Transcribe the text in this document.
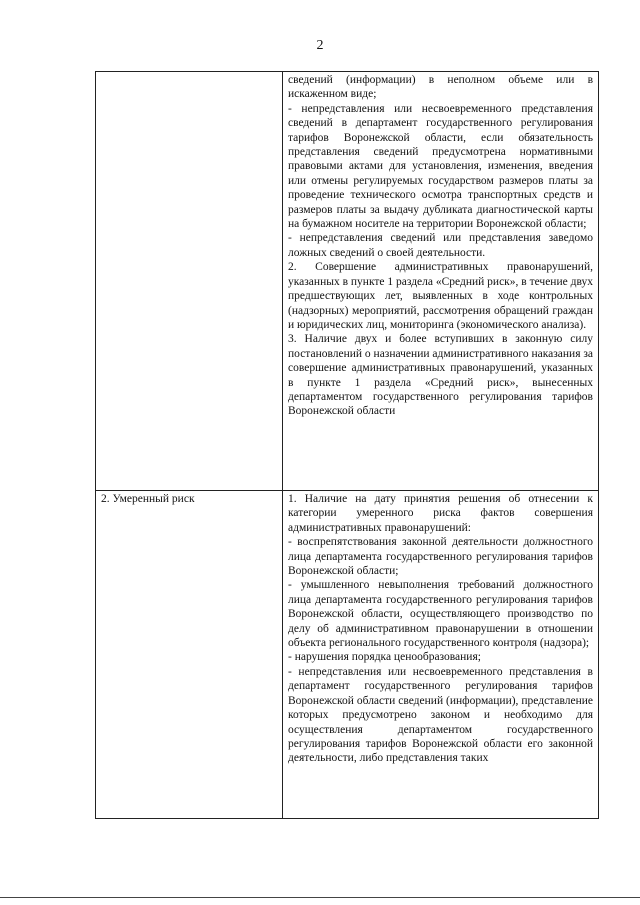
2

	сведений (информации) в неполном объеме или в искаженном виде;

- непредставления или несвоевременного представления сведений в департамент государственного регулирования тарифов Воронежской области, если обязательность представления сведений предусмотрена нормативными правовыми актами для установления, изменения, введения или отмены регулируемых государством размеров платы за проведение технического осмотра транспортных средств и размеров платы за выдачу дубликата диагностической карты на бумажном носителе на территории Воронежской области;

- непредставления сведений или представления заведомо ложных сведений о своей деятельности.

2. Совершение административных правонарушений, указанных в пункте 1 раздела «Средний риск», в течение двух предшествующих лет, выявленных в ходе контрольных (надзорных) мероприятий, рассмотрения обращений граждан и юридических лиц, мониторинга (экономического анализа).

3. Наличие двух и более вступивших в законную силу постановлений о назначении административного наказания за совершение административных правонарушений, указанных в пункте 1 раздела «Средний риск», вынесенных департаментом государственного регулирования тарифов Воронежской области

2. Умеренный риск	1. Наличие на дату принятия решения об отнесении к категории умеренного риска фактов совершения административных правонарушений:

- воспрепятствования законной деятельности должностного лица департамента государственного регулирования тарифов Воронежской области;

- умышленного невыполнения требований должностного лица департамента государственного регулирования тарифов Воронежской области, осуществляющего производство по делу об административном правонарушении в отношении объекта регионального государственного контроля (надзора);

- нарушения порядка ценообразования;

- непредставления или несвоевременного представления в департамент государственного регулирования тарифов Воронежской области сведений (информации), представление которых предусмотрено законом и необходимо для осуществления департаментом государственного регулирования тарифов Воронежской области его законной деятельности, либо представления таких
